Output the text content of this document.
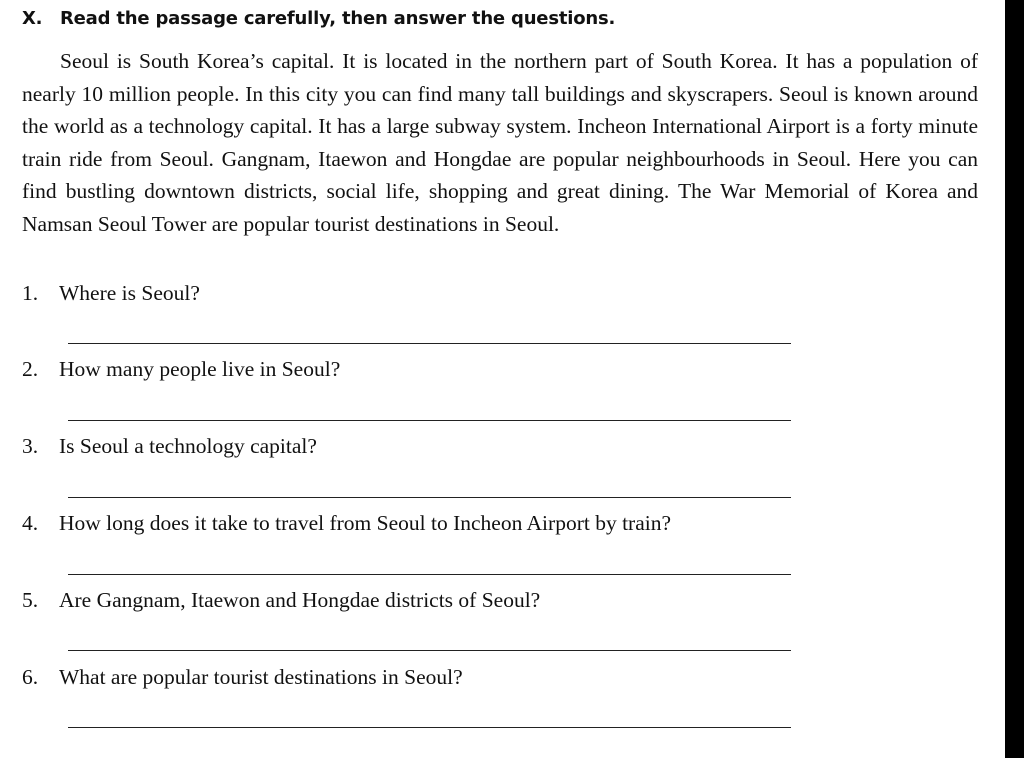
X. Read the passage carefully, then answer the questions.

Seoul is South Korea’s capital. It is located in the northern part of South Korea. It has a population of nearly 10 million people. In this city you can find many tall buildings and skyscrapers. Seoul is known around the world as a technology capital. It has a large subway system. Incheon International Airport is a forty minute train ride from Seoul. Gangnam, Itaewon and Hongdae are popular neighbourhoods in Seoul. Here you can find bustling downtown districts, social life, shopping and great dining. The War Memorial of Korea and Namsan Seoul Tower are popular tourist destinations in Seoul.

1. Where is Seoul?
2. How many people live in Seoul?
3. Is Seoul a technology capital?
4. How long does it take to travel from Seoul to Incheon Airport by train?
5. Are Gangnam, Itaewon and Hongdae districts of Seoul?
6. What are popular tourist destinations in Seoul?
